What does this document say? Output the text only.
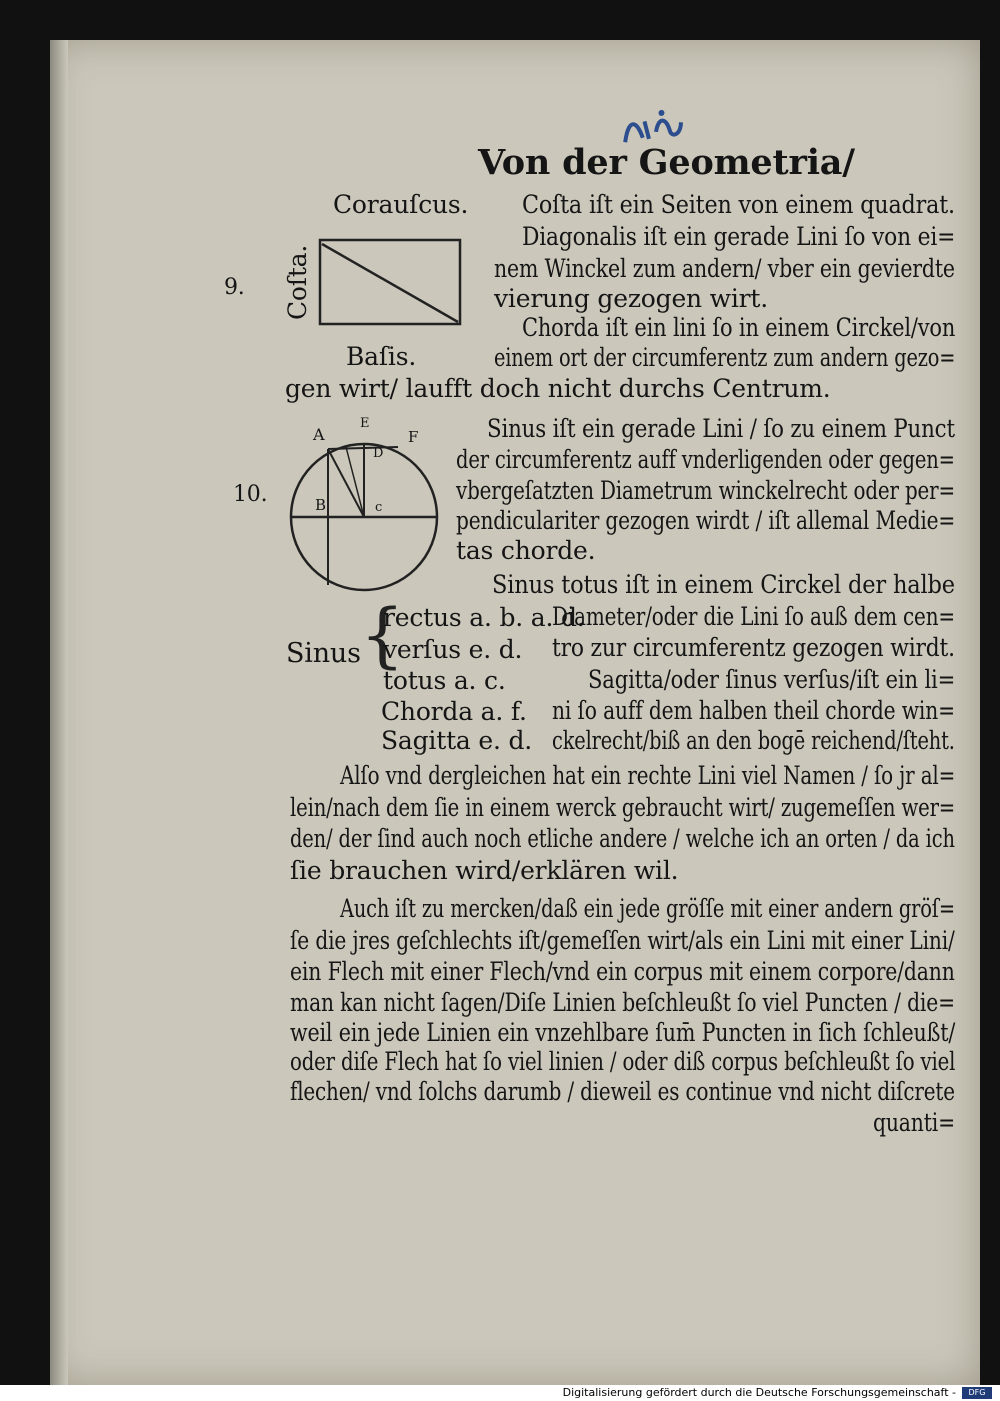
Von der Geometria/
Corauſcus.
9. Coſta.
Baſis.
Coſta iſt ein Seiten von einem quadrat.
Diagonalis iſt ein gerade Lini ſo von ei=
nem Winckel zum andern/ vber ein gevierdte
vierung gezogen wirt.
Chorda iſt ein lini ſo in einem Circkel/von
einem ort der circumferentz zum andern gezo=
gen wirt/ laufft doch nicht durchs Centrum.
10.
A
E
F
D
B	c
Sinus iſt ein gerade Lini / ſo zu einem Punct
der circumferentz auff vnderligenden oder gegen=
vbergeſatzten Diametrum winckelrecht oder per=
pendiculariter gezogen wirdt / iſt allemal Medie=
tas chorde.
Sinus totus iſt in einem Circkel der halbe
Diameter/oder die Lini ſo auß dem cen=
tro zur circumferentz gezogen wirdt.
Sinus {
rectus a. b. a. d.
verſus e. d.
totus a. c.
Chorda a. f.
Sagitta e. d.
Sagitta/oder ſinus verſus/iſt ein li=
ni ſo auff dem halben theil chorde win=
ckelrecht/biß an den bogē reichend/ſteht.
Alſo vnd dergleichen hat ein rechte Lini viel Namen / ſo jr al=
lein/nach dem ſie in einem werck gebraucht wirt/ zugemeſſen wer=
den/ der ſind auch noch etliche andere / welche ich an orten / da ich
ſie brauchen wird/erklären wil.
Auch iſt zu mercken/daß ein jede gröſſe mit einer andern gröſ=
ſe die jres geſchlechts iſt/gemeſſen wirt/als ein Lini mit einer Lini/
ein Flech mit einer Flech/vnd ein corpus mit einem corpore/dann
man kan nicht ſagen/Diſe Linien beſchleußt ſo viel Puncten / die=
weil ein jede Linien ein vnzehlbare ſum̄ Puncten in ſich ſchleußt/
oder diſe Flech hat ſo viel linien / oder diß corpus beſchleußt ſo viel
flechen/ vnd ſolchs darumb / dieweil es continue vnd nicht diſcrete
quanti=
Digitalisierung gefördert durch die Deutsche Forschungsgemeinschaft -	DFG
